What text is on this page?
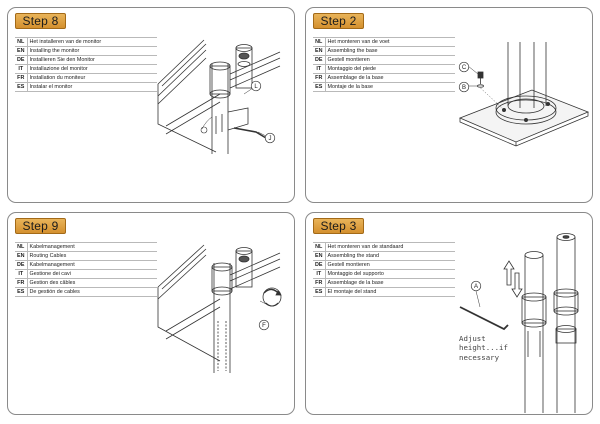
Step 8
NL	Het installeren van de monitor
EN	Installing the monitor
DE	Installieren Sie den Monitor
IT	Installazione del monitor
FR	Installation du moniteur
ES	Instalar el monitor	L
J
Step 2
NL	Het monteren van de voet
EN	Assembling the base
DE	Gestell montieren
IT	Montaggio del piede
FR	Assemblage de la base
ES	Montaje de la base
C
B
Step 9
NL	Kabelmanagement
EN	Routing Cables
DE	Kabelmanagement
IT	Gestione dei cavi
FR	Gestion des câbles
ES	De gestión de cables
F
Step 3
NL	Het monteren van de standaard
EN	Assembling the stand
DE	Gestell montieren
IT	Montaggio del supporto
FR	Assemblage de la base
ES	El montaje del stand
A
Adjust
height...if
necessary
